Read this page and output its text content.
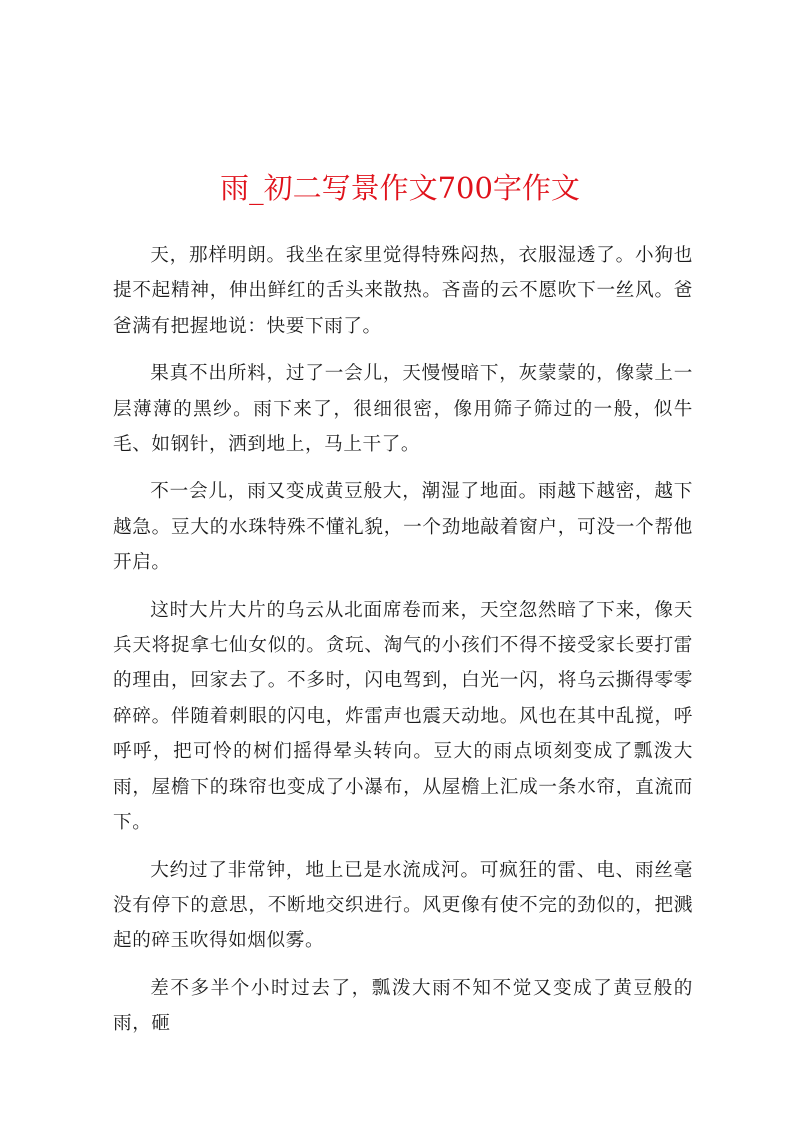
雨_初二写景作文700字作文

天，那样明朗。我坐在家里觉得特殊闷热，衣服湿透了。小狗也提不起精神，伸出鲜红的舌头来散热。吝啬的云不愿吹下一丝风。爸爸满有把握地说：快要下雨了。

果真不出所料，过了一会儿，天慢慢暗下，灰蒙蒙的，像蒙上一层薄薄的黑纱。雨下来了，很细很密，像用筛子筛过的一般，似牛毛、如钢针，洒到地上，马上干了。

不一会儿，雨又变成黄豆般大，潮湿了地面。雨越下越密，越下越急。豆大的水珠特殊不懂礼貌，一个劲地敲着窗户，可没一个帮他开启。

这时大片大片的乌云从北面席卷而来，天空忽然暗了下来，像天兵天将捉拿七仙女似的。贪玩、淘气的小孩们不得不接受家长要打雷的理由，回家去了。不多时，闪电驾到，白光一闪，将乌云撕得零零碎碎。伴随着刺眼的闪电，炸雷声也震天动地。风也在其中乱搅，呼呼呼，把可怜的树们摇得晕头转向。豆大的雨点顷刻变成了瓢泼大雨，屋檐下的珠帘也变成了小瀑布，从屋檐上汇成一条水帘，直流而下。

大约过了非常钟，地上已是水流成河。可疯狂的雷、电、雨丝毫没有停下的意思，不断地交织进行。风更像有使不完的劲似的，把溅起的碎玉吹得如烟似雾。

差不多半个小时过去了，瓢泼大雨不知不觉又变成了黄豆般的雨，砸
